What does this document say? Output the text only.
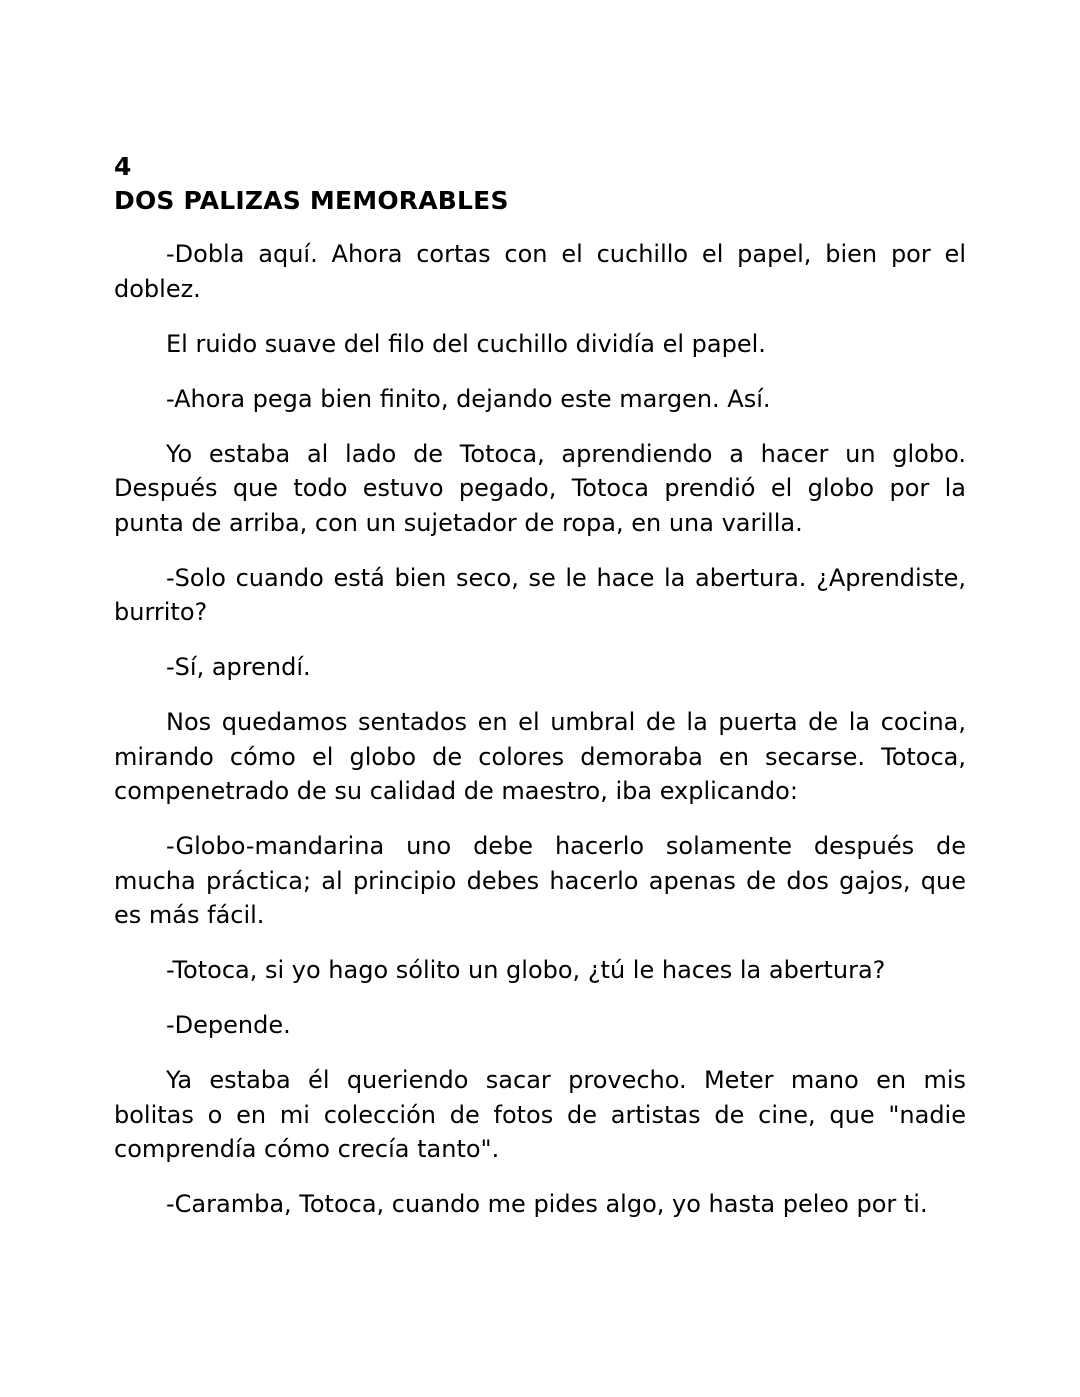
4
DOS PALIZAS MEMORABLES

-Dobla aquí. Ahora cortas con el cuchillo el papel, bien por el doblez.

El ruido suave del filo del cuchillo dividía el papel.

-Ahora pega bien finito, dejando este margen. Así.

Yo estaba al lado de Totoca, aprendiendo a hacer un globo. Después que todo estuvo pegado, Totoca prendió el globo por la punta de arriba, con un sujetador de ropa, en una varilla.

-Solo cuando está bien seco, se le hace la abertura. ¿Aprendiste, burrito?

-Sí, aprendí.

Nos quedamos sentados en el umbral de la puerta de la cocina, mirando cómo el globo de colores demoraba en secarse. Totoca, compenetrado de su calidad de maestro, iba explicando:

-Globo-mandarina uno debe hacerlo solamente después de mucha práctica; al principio debes hacerlo apenas de dos gajos, que es más fácil.

-Totoca, si yo hago sólito un globo, ¿tú le haces la abertura?

-Depende.

Ya estaba él queriendo sacar provecho. Meter mano en mis bolitas o en mi colección de fotos de artistas de cine, que "nadie comprendía cómo crecía tanto".

-Caramba, Totoca, cuando me pides algo, yo hasta peleo por ti.
